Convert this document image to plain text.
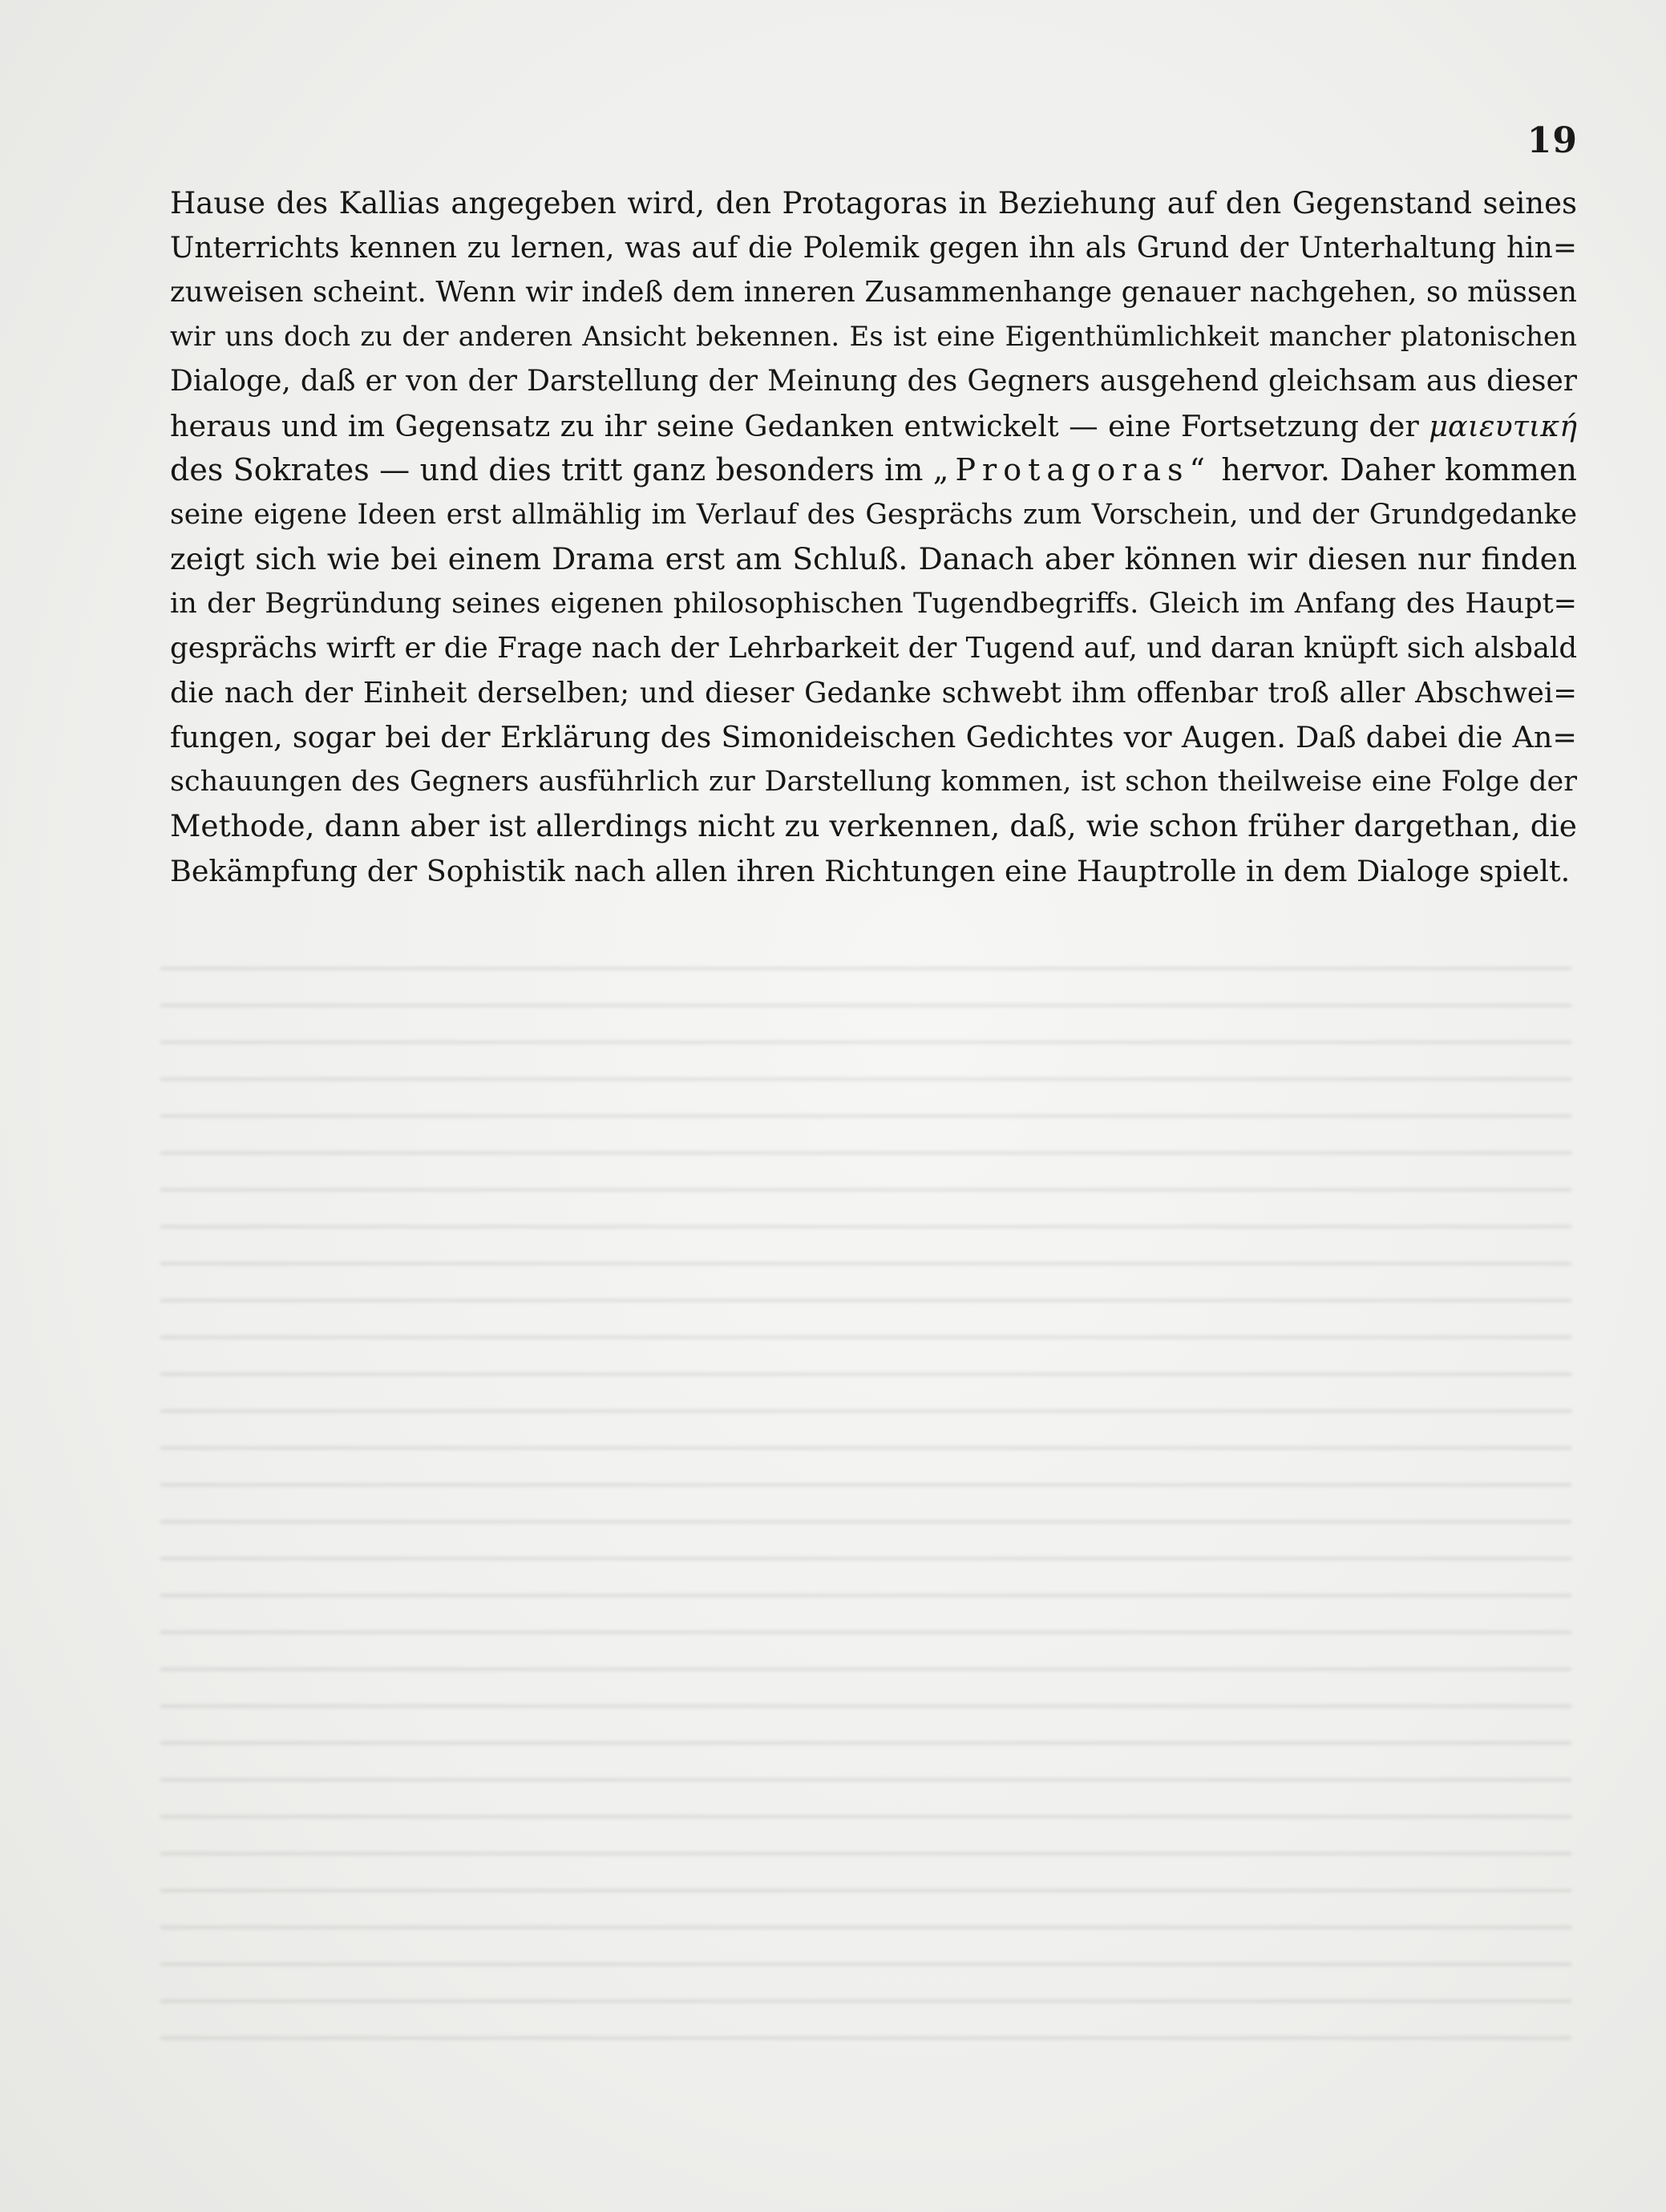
19
Hause des Kallias angegeben wird, den Protagoras in Beziehung auf den Gegenstand seines
Unterrichts kennen zu lernen, was auf die Polemik gegen ihn als Grund der Unterhaltung hin=
zuweisen scheint. Wenn wir indeß dem inneren Zusammenhange genauer nachgehen, so müssen
wir uns doch zu der anderen Ansicht bekennen. Es ist eine Eigenthümlichkeit mancher platonischen
Dialoge, daß er von der Darstellung der Meinung des Gegners ausgehend gleichsam aus dieser
heraus und im Gegensatz zu ihr seine Gedanken entwickelt — eine Fortsetzung der μαιευτική
des Sokrates — und dies tritt ganz besonders im „Protagoras“ hervor. Daher kommen
seine eigene Ideen erst allmählig im Verlauf des Gesprächs zum Vorschein, und der Grundgedanke
zeigt sich wie bei einem Drama erst am Schluß. Danach aber können wir diesen nur finden
in der Begründung seines eigenen philosophischen Tugendbegriffs. Gleich im Anfang des Haupt=
gesprächs wirft er die Frage nach der Lehrbarkeit der Tugend auf, und daran knüpft sich alsbald
die nach der Einheit derselben; und dieser Gedanke schwebt ihm offenbar troß aller Abschwei=
fungen, sogar bei der Erklärung des Simonideischen Gedichtes vor Augen. Daß dabei die An=
schauungen des Gegners ausführlich zur Darstellung kommen, ist schon theilweise eine Folge der
Methode, dann aber ist allerdings nicht zu verkennen, daß, wie schon früher dargethan, die
Bekämpfung der Sophistik nach allen ihren Richtungen eine Hauptrolle in dem Dialoge spielt.
